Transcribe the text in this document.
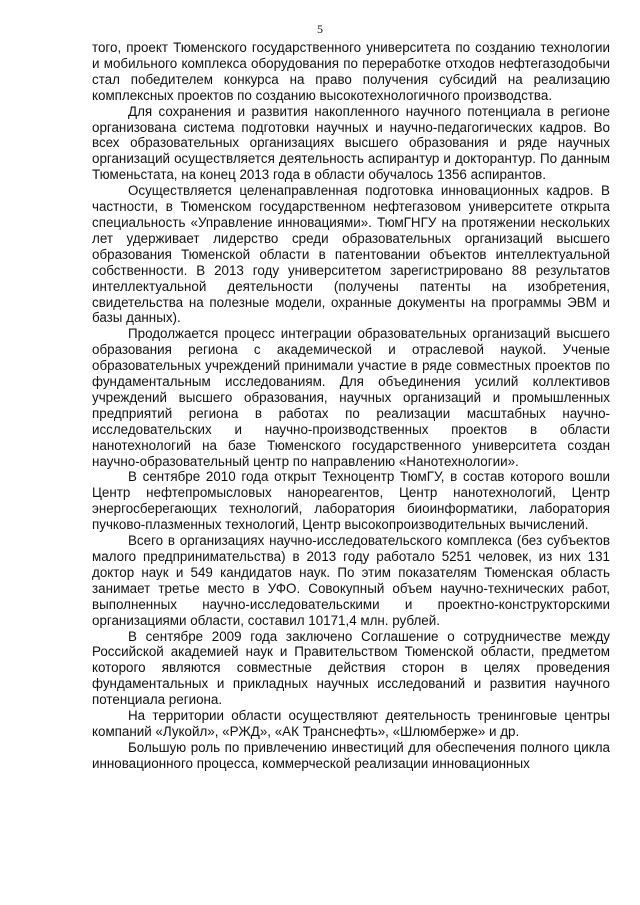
5

того, проект Тюменского государственного университета по созданию технологии и мобильного комплекса оборудования по переработке отходов нефтегазодобычи стал победителем конкурса на право получения субсидий на реализацию комплексных проектов по созданию высокотехнологичного производства.

Для сохранения и развития накопленного научного потенциала в регионе организована система подготовки научных и научно-педагогических кадров. Во всех образовательных организациях высшего образования и ряде научных организаций осуществляется деятельность аспирантур и докторантур. По данным Тюменьстата, на конец 2013 года в области обучалось 1356 аспирантов.

Осуществляется целенаправленная подготовка инновационных кадров. В частности, в Тюменском государственном нефтегазовом университете открыта специальность «Управление инновациями». ТюмГНГУ на протяжении нескольких лет удерживает лидерство среди образовательных организаций высшего образования Тюменской области в патентовании объектов интеллектуальной собственности. В 2013 году университетом зарегистрировано 88 результатов интеллектуальной деятельности (получены патенты на изобретения, свидетельства на полезные модели, охранные документы на программы ЭВМ и базы данных).

Продолжается процесс интеграции образовательных организаций высшего образования региона с академической и отраслевой наукой. Ученые образовательных учреждений принимали участие в ряде совместных проектов по фундаментальным исследованиям. Для объединения усилий коллективов учреждений высшего образования, научных организаций и промышленных предприятий региона в работах по реализации масштабных научно-исследовательских и научно-производственных проектов в области нанотехнологий на базе Тюменского государственного университета создан научно-образовательный центр по направлению «Нанотехнологии».

В сентябре 2010 года открыт Техноцентр ТюмГУ, в состав которого вошли Центр нефтепромысловых нанореагентов, Центр нанотехнологий, Центр энергосберегающих технологий, лаборатория биоинформатики, лаборатория пучково-плазменных технологий, Центр высокопроизводительных вычислений.

Всего в организациях научно-исследовательского комплекса (без субъектов малого предпринимательства) в 2013 году работало 5251 человек, из них 131 доктор наук и 549 кандидатов наук. По этим показателям Тюменская область занимает третье место в УФО. Совокупный объем научно-технических работ, выполненных научно-исследовательскими и проектно-конструкторскими организациями области, составил 10171,4 млн. рублей.

В сентябре 2009 года заключено Соглашение о сотрудничестве между Российской академией наук и Правительством Тюменской области, предметом которого являются совместные действия сторон в целях проведения фундаментальных и прикладных научных исследований и развития научного потенциала региона.

На территории области осуществляют деятельность тренинговые центры компаний «Лукойл», «РЖД», «АК Транснефть», «Шлюмберже» и др.

Большую роль по привлечению инвестиций для обеспечения полного цикла инновационного процесса, коммерческой реализации инновационных
